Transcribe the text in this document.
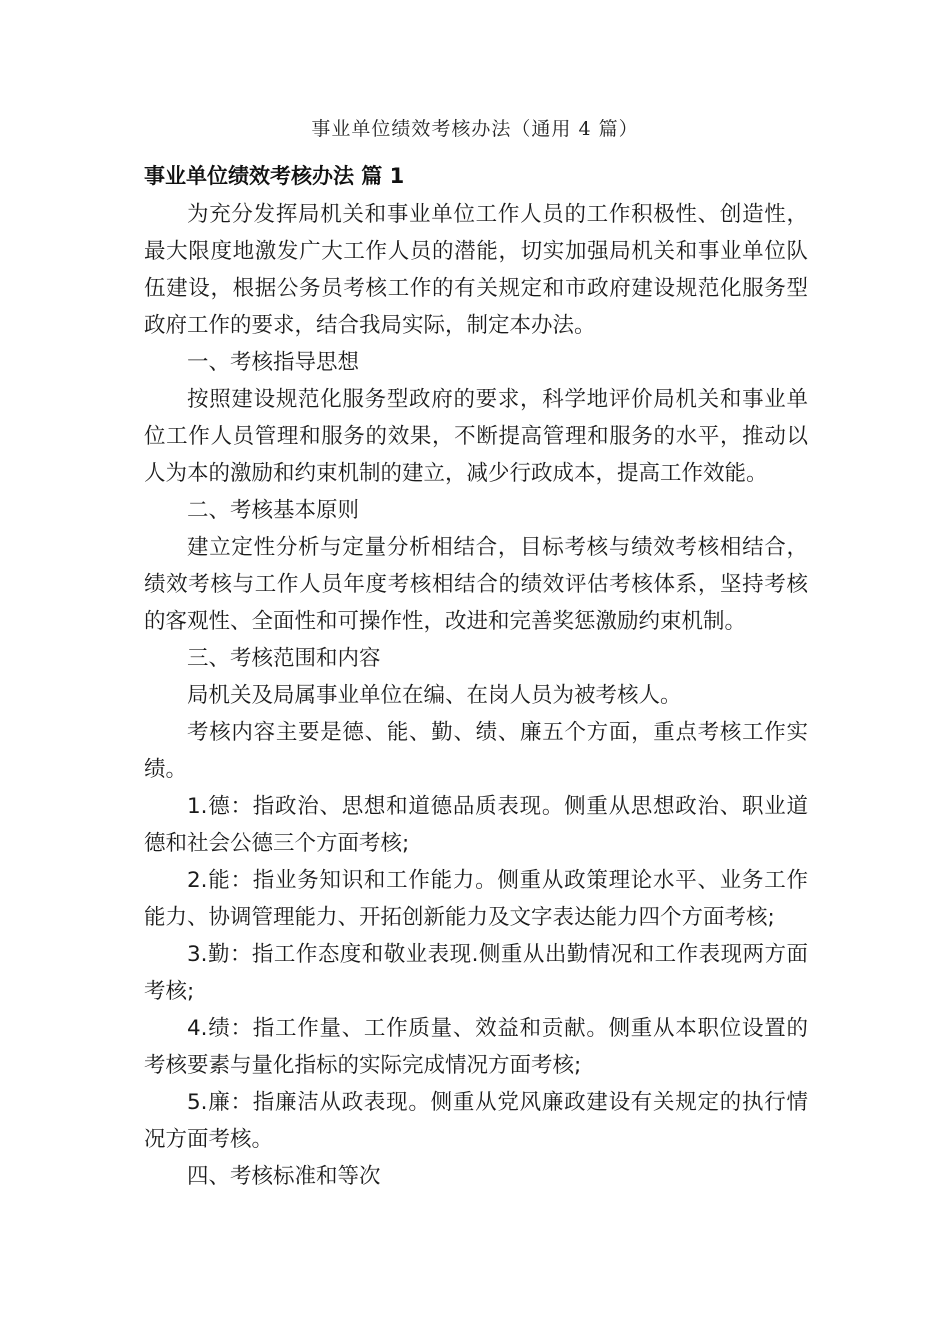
事业单位绩效考核办法（通用 4 篇）
事业单位绩效考核办法 篇 1

为充分发挥局机关和事业单位工作人员的工作积极性、创造性，最大限度地激发广大工作人员的潜能，切实加强局机关和事业单位队伍建设，根据公务员考核工作的有关规定和市政府建设规范化服务型政府工作的要求，结合我局实际，制定本办法。

一、考核指导思想

按照建设规范化服务型政府的要求，科学地评价局机关和事业单位工作人员管理和服务的效果，不断提高管理和服务的水平，推动以人为本的激励和约束机制的建立，减少行政成本，提高工作效能。

二、考核基本原则

建立定性分析与定量分析相结合，目标考核与绩效考核相结合，绩效考核与工作人员年度考核相结合的绩效评估考核体系，坚持考核的客观性、全面性和可操作性，改进和完善奖惩激励约束机制。

三、考核范围和内容

局机关及局属事业单位在编、在岗人员为被考核人。

考核内容主要是德、能、勤、绩、廉五个方面，重点考核工作实绩。

1.德：指政治、思想和道德品质表现。侧重从思想政治、职业道德和社会公德三个方面考核;

2.能：指业务知识和工作能力。侧重从政策理论水平、业务工作能力、协调管理能力、开拓创新能力及文字表达能力四个方面考核;

3.勤：指工作态度和敬业表现.侧重从出勤情况和工作表现两方面考核;

4.绩：指工作量、工作质量、效益和贡献。侧重从本职位设置的考核要素与量化指标的实际完成情况方面考核;

5.廉：指廉洁从政表现。侧重从党风廉政建设有关规定的执行情况方面考核。

四、考核标准和等次
